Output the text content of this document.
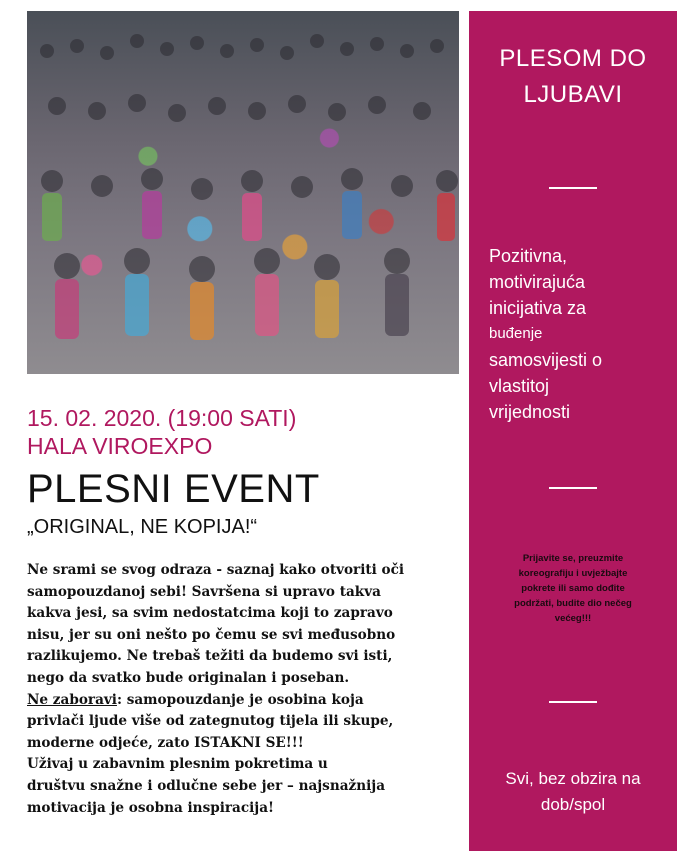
PLESOM DO
LJUBAVI
Pozitivna,
motivirajuća
inicijativa za
buđenje
samosvijesti o
vlastitoj
vrijednosti
Prijavite se, preuzmite
koreografiju i uvježbajte
pokrete ili samo dođite
podržati, budite dio nečeg
većeg!!!
Svi, bez obzira na
dob/spol
15. 02. 2020. (19:00 SATI)
HALA VIROEXPO
PLESNI EVENT
„ORIGINAL, NE KOPIJA!“
Ne srami se svog odraza - saznaj kako otvoriti oči
samopouzdanoj sebi! Savršena si upravo takva
kakva jesi, sa svim nedostatcima koji to zapravo
nisu, jer su oni nešto po čemu se svi međusobno
razlikujemo. Ne trebaš težiti da budemo svi isti,
nego da svatko bude originalan i poseban.
Ne zaboravi: samopouzdanje je osobina koja
privlači ljude više od zategnutog tijela ili skupe,
moderne odjeće, zato ISTAKNI SE!!!
Uživaj u zabavnim plesnim pokretima u
društvu snažne i odlučne sebe jer – najsnažnija
motivacija je osobna inspiracija!
